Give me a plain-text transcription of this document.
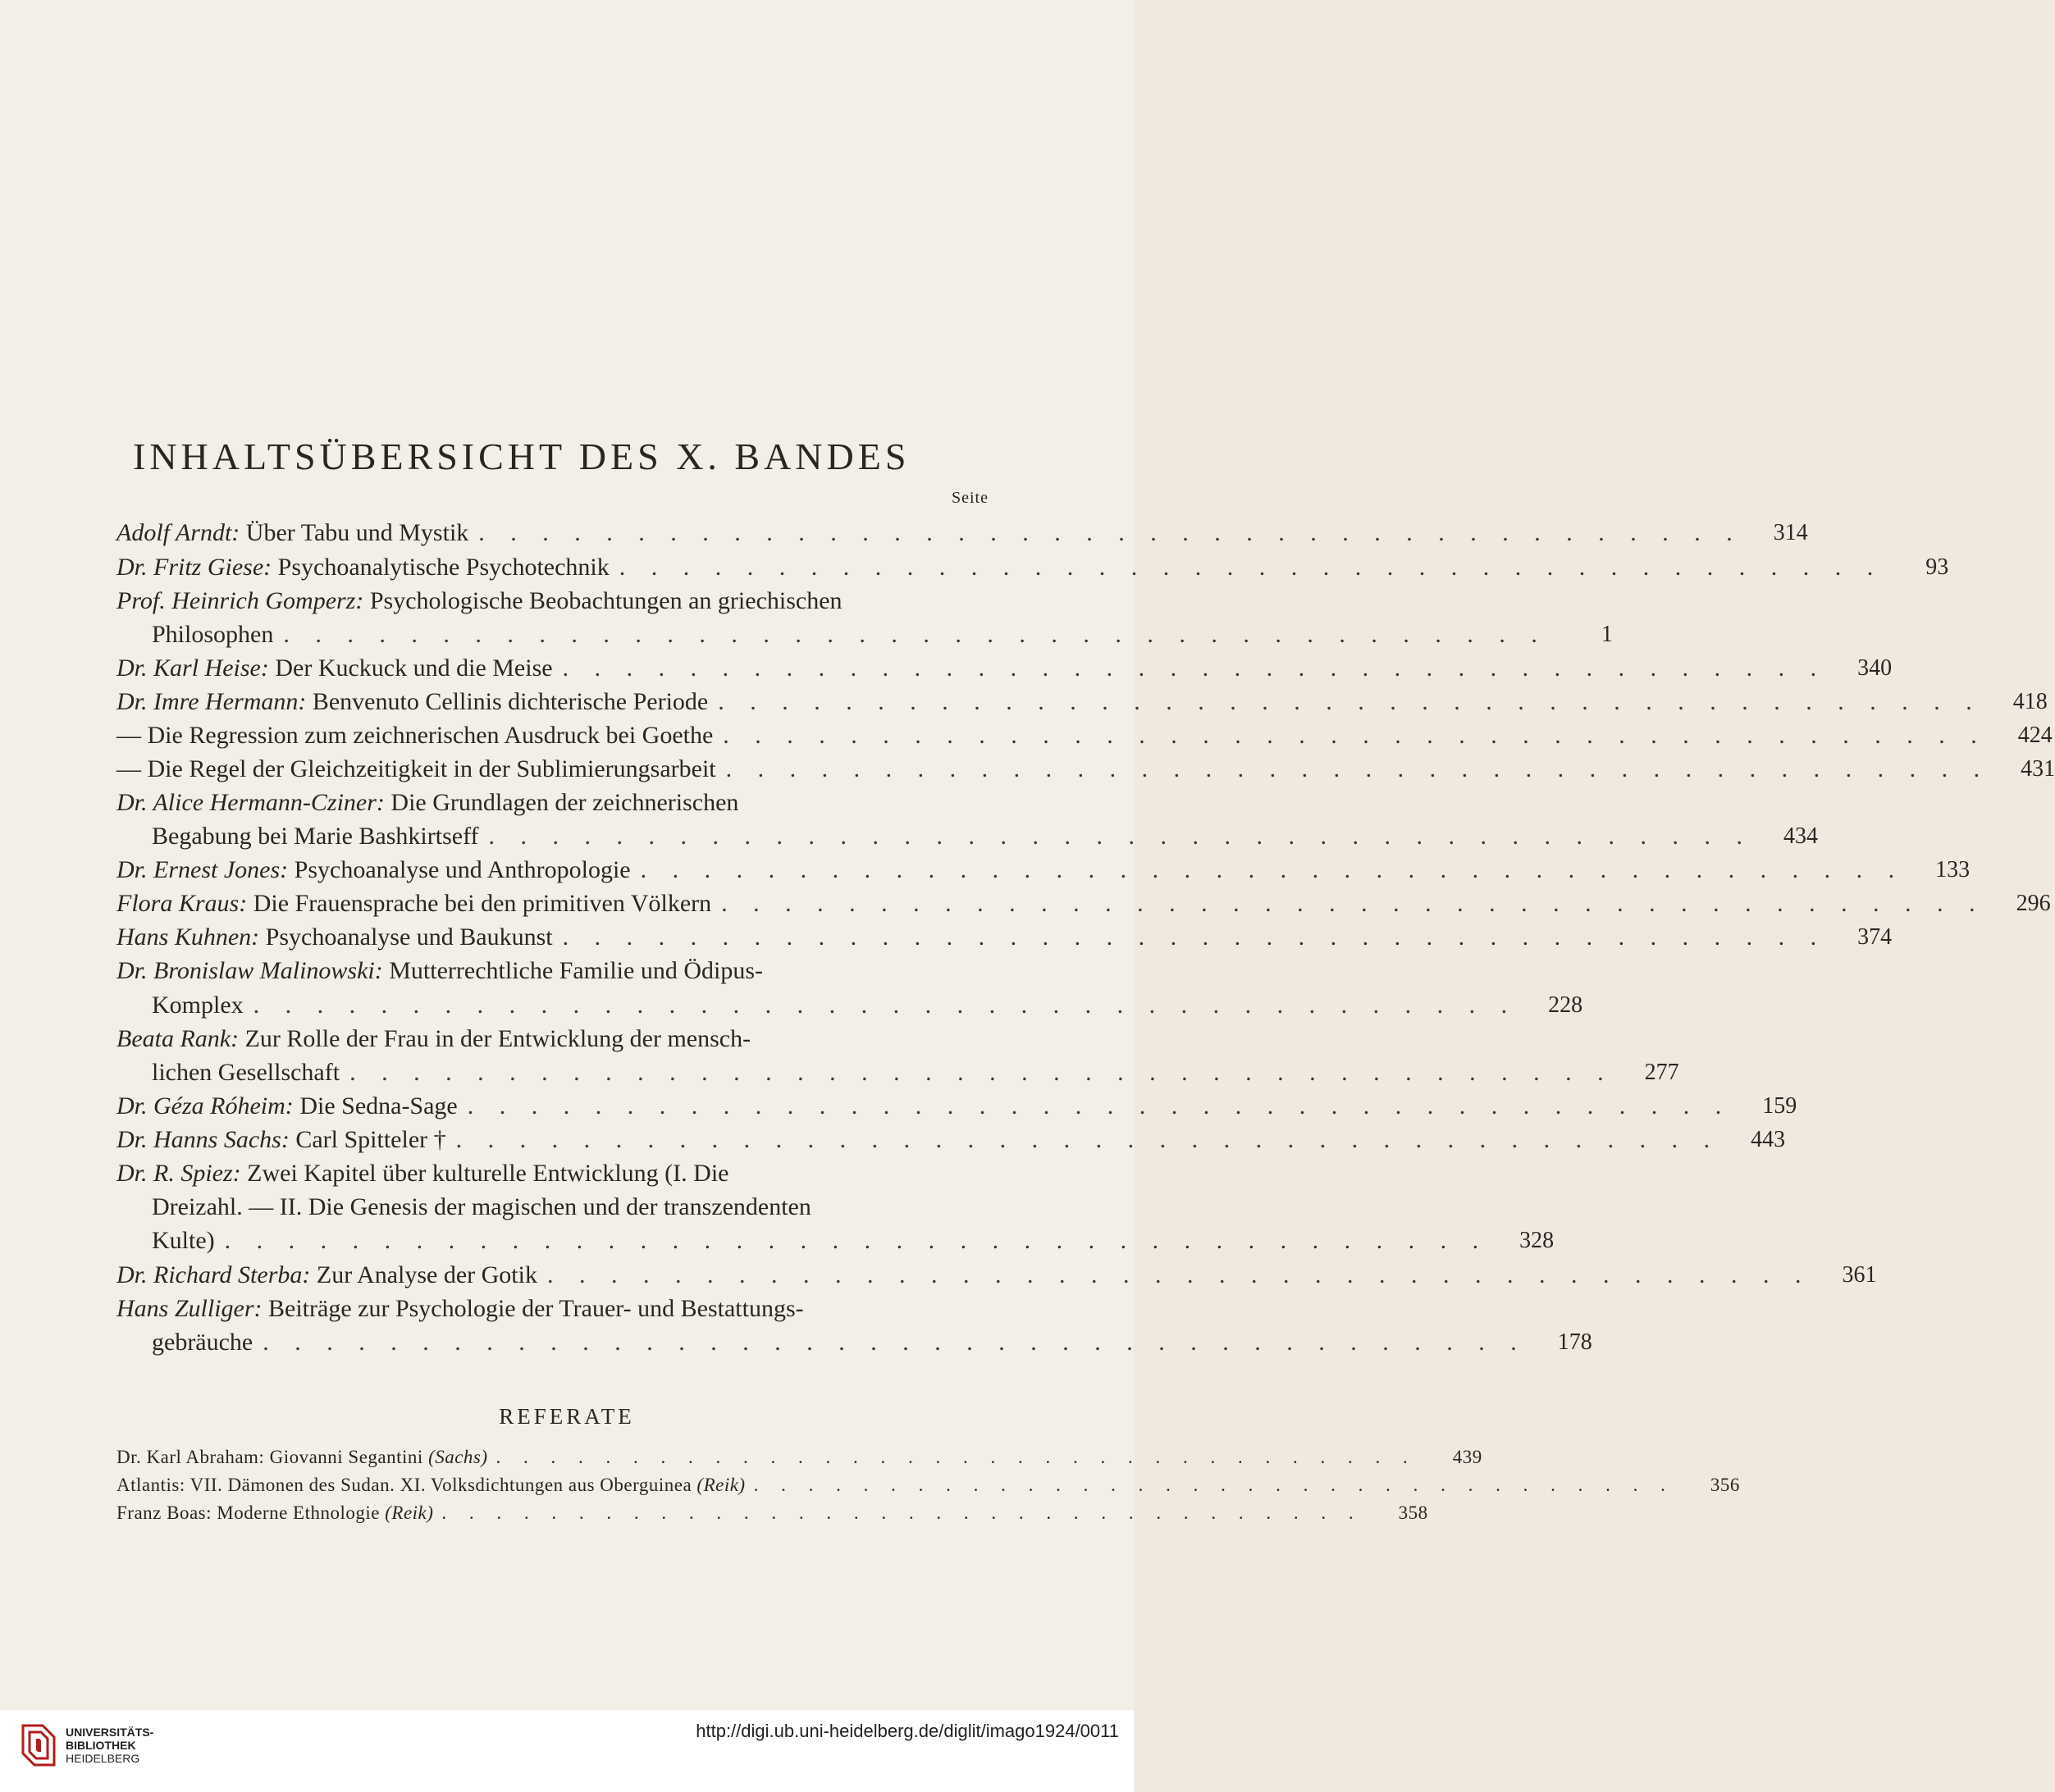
INHALTSÜBERSICHT DES X. BANDES
Seite
Adolf Arndt: Über Tabu und Mystik . . . . . . . . . . . . . . . . . . . . . . . . . . . . . . . . . . . . . . . .	314
Dr. Fritz Giese: Psychoanalytische Psychotechnik . . . . . . . . . . . . . . . . . . . . . . . . . . . . . . . . . . . . . . . .	93
Prof. Heinrich Gomperz: Psychologische Beobachtungen an griechischen
Philosophen . . . . . . . . . . . . . . . . . . . . . . . . . . . . . . . . . . . . . . . .	1
Dr. Karl Heise: Der Kuckuck und die Meise . . . . . . . . . . . . . . . . . . . . . . . . . . . . . . . . . . . . . . . .	340
Dr. Imre Hermann: Benvenuto Cellinis dichterische Periode . . . . . . . . . . . . . . . . . . . . . . . . . . . . . . . . . . . . . . . .	418
— Die Regression zum zeichnerischen Ausdruck bei Goethe . . . . . . . . . . . . . . . . . . . . . . . . . . . . . . . . . . . . . . . .	424
— Die Regel der Gleichzeitigkeit in der Sublimierungsarbeit . . . . . . . . . . . . . . . . . . . . . . . . . . . . . . . . . . . . . . . .	431
Dr. Alice Hermann-Cziner: Die Grundlagen der zeichnerischen
Begabung bei Marie Bashkirtseff . . . . . . . . . . . . . . . . . . . . . . . . . . . . . . . . . . . . . . . .	434
Dr. Ernest Jones: Psychoanalyse und Anthropologie . . . . . . . . . . . . . . . . . . . . . . . . . . . . . . . . . . . . . . . .	133
Flora Kraus: Die Frauensprache bei den primitiven Völkern . . . . . . . . . . . . . . . . . . . . . . . . . . . . . . . . . . . . . . . .	296
Hans Kuhnen: Psychoanalyse und Baukunst . . . . . . . . . . . . . . . . . . . . . . . . . . . . . . . . . . . . . . . .	374
Dr. Bronislaw Malinowski: Mutterrechtliche Familie und Ödipus-
Komplex . . . . . . . . . . . . . . . . . . . . . . . . . . . . . . . . . . . . . . . .	228
Beata Rank: Zur Rolle der Frau in der Entwicklung der mensch-
lichen Gesellschaft . . . . . . . . . . . . . . . . . . . . . . . . . . . . . . . . . . . . . . . .	277
Dr. Géza Róheim: Die Sedna-Sage . . . . . . . . . . . . . . . . . . . . . . . . . . . . . . . . . . . . . . . .	159
Dr. Hanns Sachs: Carl Spitteler † . . . . . . . . . . . . . . . . . . . . . . . . . . . . . . . . . . . . . . . .	443
Dr. R. Spiez: Zwei Kapitel über kulturelle Entwicklung (I. Die
Dreizahl. — II. Die Genesis der magischen und der transzendenten
Kulte) . . . . . . . . . . . . . . . . . . . . . . . . . . . . . . . . . . . . . . . .	328
Dr. Richard Sterba: Zur Analyse der Gotik . . . . . . . . . . . . . . . . . . . . . . . . . . . . . . . . . . . . . . . .	361
Hans Zulliger: Beiträge zur Psychologie der Trauer- und Bestattungs-
gebräuche . . . . . . . . . . . . . . . . . . . . . . . . . . . . . . . . . . . . . . . .	178
REFERATE
Dr. Karl Abraham: Giovanni Segantini (Sachs) . . . . . . . . . . . . . . . . . . . . . . . . . . . . . . . . . .	439
Atlantis: VII. Dämonen des Sudan. XI. Volksdichtungen aus Oberguinea (Reik) . . . . . . . . . . . . . . . . . . . . . . . . . . . . . . . . . .	356
Franz Boas: Moderne Ethnologie (Reik) . . . . . . . . . . . . . . . . . . . . . . . . . . . . . . . . . .	358
UNIVERSITÄTS-
BIBLIOTHEK
HEIDELBERG
http://digi.ub.uni-heidelberg.de/diglit/imago1924/0011
